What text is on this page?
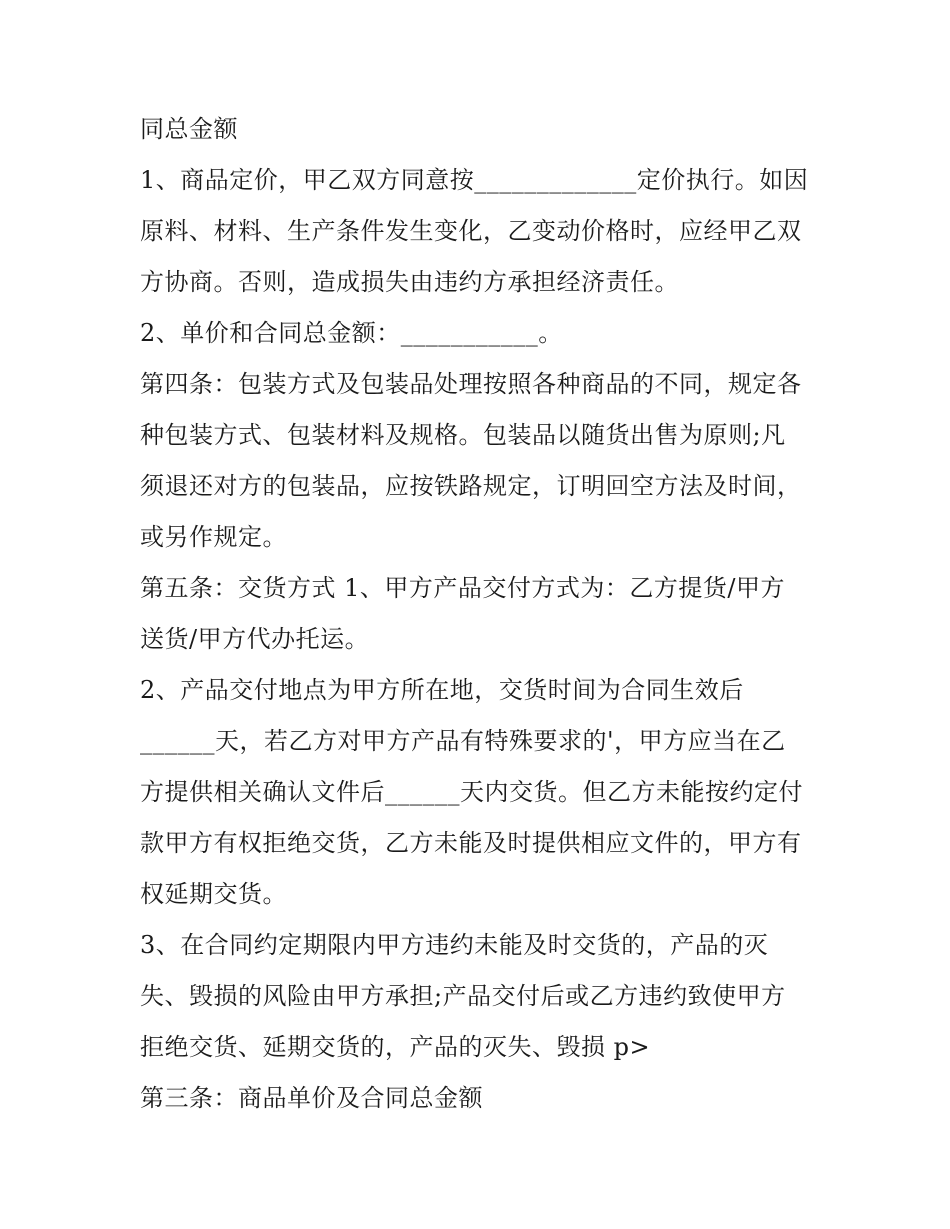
同总金额
1、商品定价，甲乙双方同意按_____________定价执行。如因
原料、材料、生产条件发生变化，乙变动价格时，应经甲乙双
方协商。否则，造成损失由违约方承担经济责任。
2、单价和合同总金额：___________。
第四条：包装方式及包装品处理按照各种商品的不同，规定各
种包装方式、包装材料及规格。包装品以随货出售为原则;凡
须退还对方的包装品，应按铁路规定，订明回空方法及时间，
或另作规定。
第五条：交货方式 1、甲方产品交付方式为：乙方提货/甲方
送货/甲方代办托运。
2、产品交付地点为甲方所在地，交货时间为合同生效后
______天，若乙方对甲方产品有特殊要求的'，甲方应当在乙
方提供相关确认文件后______天内交货。但乙方未能按约定付
款甲方有权拒绝交货，乙方未能及时提供相应文件的，甲方有
权延期交货。
3、在合同约定期限内甲方违约未能及时交货的，产品的灭
失、毁损的风险由甲方承担;产品交付后或乙方违约致使甲方
拒绝交货、延期交货的，产品的灭失、毁损 p>
第三条：商品单价及合同总金额
